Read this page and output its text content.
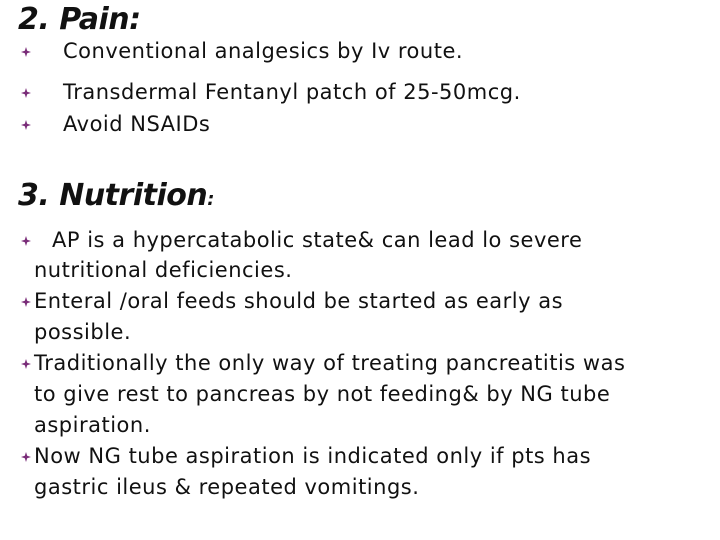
2. Pain:
Conventional analgesics by Iv route.
Transdermal Fentanyl patch of 25-50mcg.
Avoid NSAIDs
3. Nutrition:
AP is a hypercatabolic state& can lead lo severe
nutritional deficiencies.
Enteral /oral feeds should be started as early as
possible.
Traditionally the only way of treating pancreatitis was
to give rest to pancreas by not feeding& by NG tube
aspiration.
Now NG tube aspiration is indicated only if pts has
gastric ileus & repeated vomitings.
